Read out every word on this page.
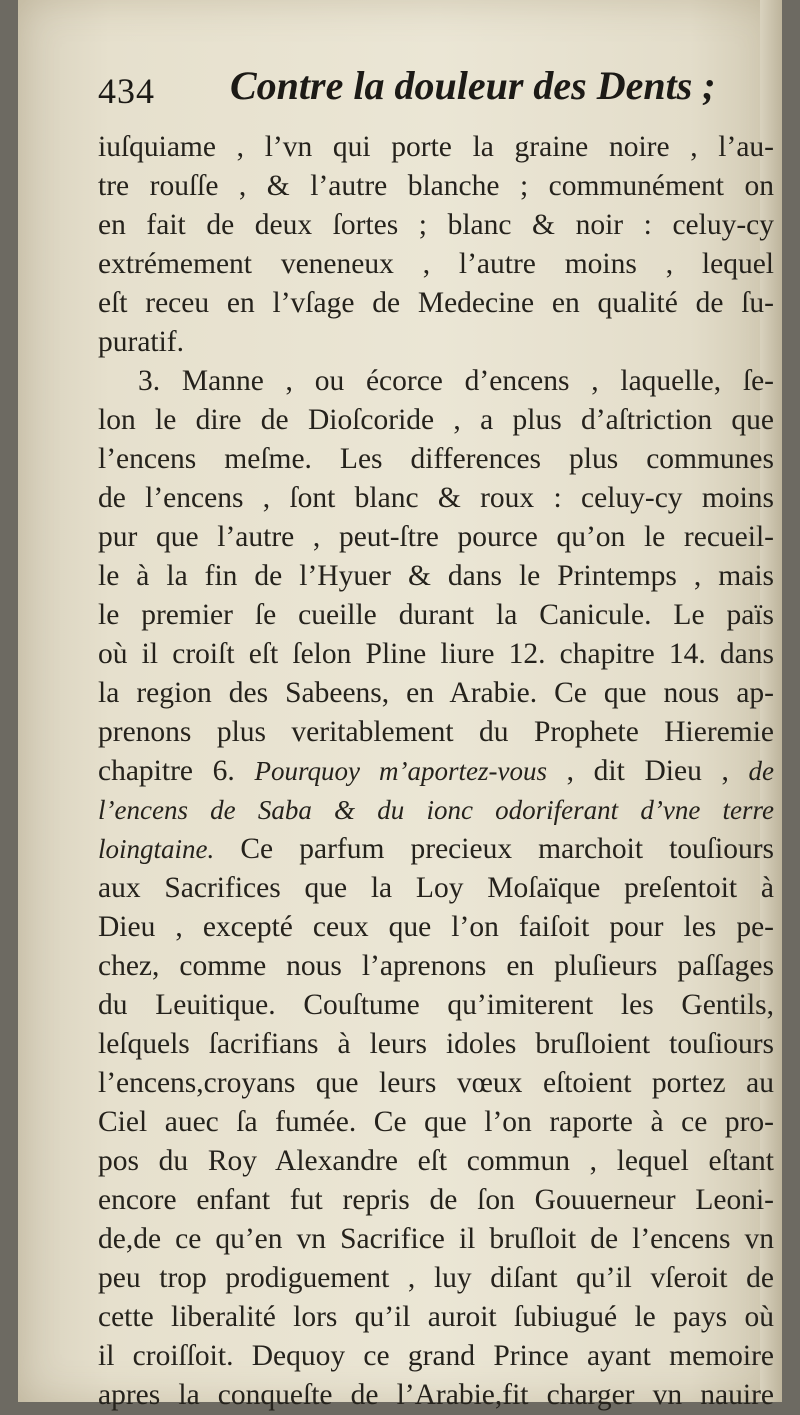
434 Contre la douleur des Dents ;
iuſquiame , l’vn qui porte la graine noire , l’au-
tre rouſſe , & l’autre blanche ; communément on
en fait de deux ſortes ; blanc & noir : celuy-cy
extrémement veneneux , l’autre moins , lequel
eſt receu en l’vſage de Medecine en qualité de ſu-
puratif.
3. Manne , ou écorce d’encens , laquelle, ſe-
lon le dire de Dioſcoride , a plus d’aſtriction que
l’encens meſme. Les differences plus communes
de l’encens , ſont blanc & roux : celuy-cy moins
pur que l’autre , peut-ſtre pource qu’on le recueil-
le à la fin de l’Hyuer & dans le Printemps , mais
le premier ſe cueille durant la Canicule. Le païs
où il croiſt eſt ſelon Pline liure 12. chapitre 14. dans
la region des Sabeens, en Arabie. Ce que nous ap-
prenons plus veritablement du Prophete Hieremie
chapitre 6. Pourquoy m’aportez-vous , dit Dieu , de
l’encens de Saba & du ionc odoriferant d’vne terre
loingtaine. Ce parfum precieux marchoit touſiours
aux Sacrifices que la Loy Moſaïque preſentoit à
Dieu , excepté ceux que l’on faiſoit pour les pe-
chez, comme nous l’aprenons en pluſieurs paſſages
du Leuitique. Couſtume qu’imiterent les Gentils,
leſquels ſacrifians à leurs idoles bruſloient touſiours
l’encens,croyans que leurs vœux eſtoient portez au
Ciel auec ſa fumée. Ce que l’on raporte à ce pro-
pos du Roy Alexandre eſt commun , lequel eſtant
encore enfant fut repris de ſon Gouuerneur Leoni-
de,de ce qu’en vn Sacrifice il bruſloit de l’encens vn
peu trop prodiguement , luy diſant qu’il vſeroit de
cette liberalité lors qu’il auroit ſubiugué le pays où
il croiſſoit. Dequoy ce grand Prince ayant memoire
apres la conqueſte de l’Arabie,fit charger vn nauire
